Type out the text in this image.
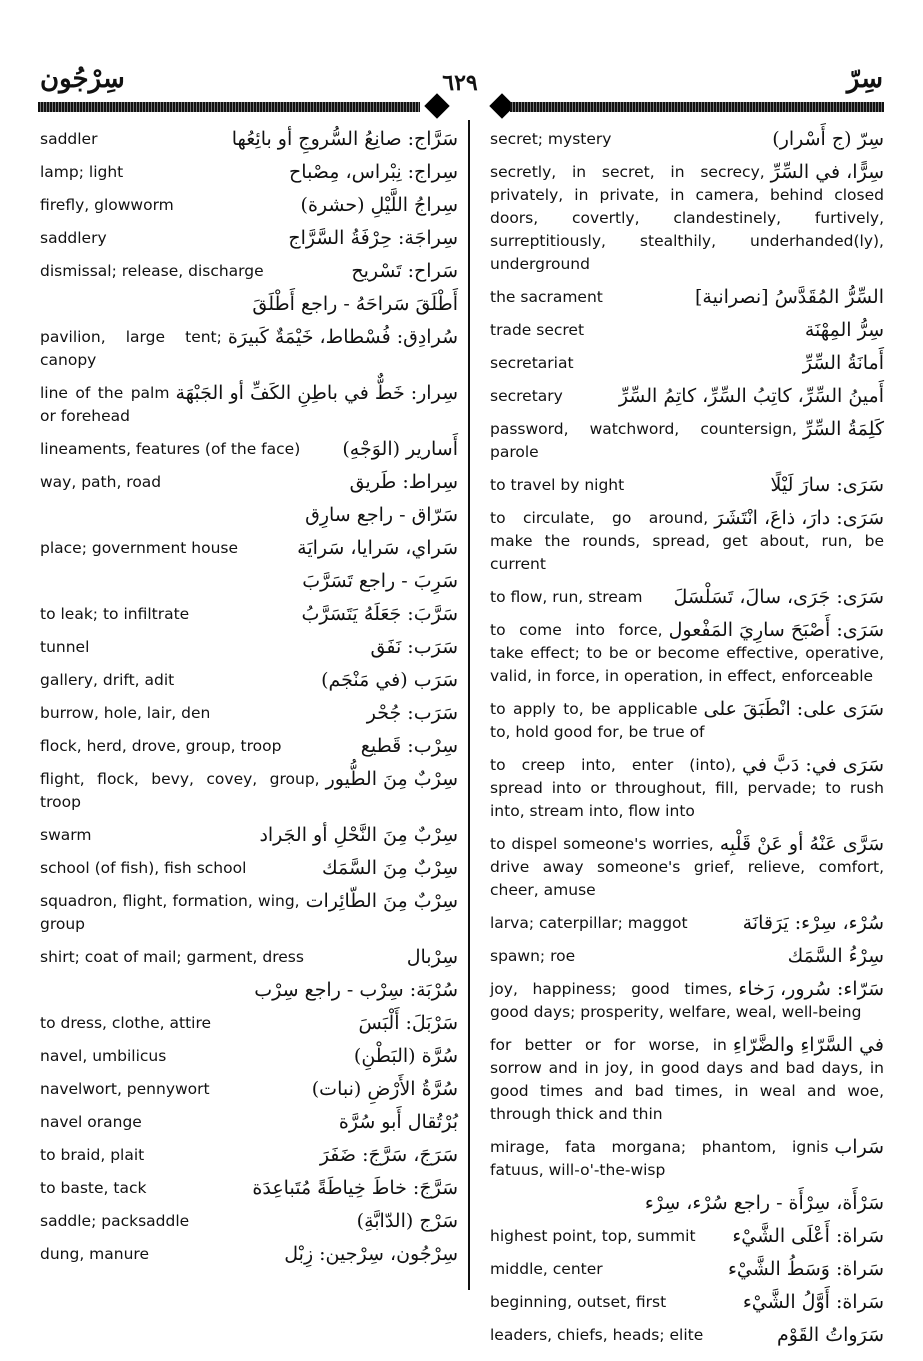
سِرْجُون	٦٢٩	سِرّ
سَرَّاج: صانِعُ السُّروجِ أو بائِعُها
saddler
سِراج: نِبْراس، مِصْباح
lamp; light
سِراجُ اللَّيْلِ (حشرة)
firefly, glowworm
سِراجَة: حِرْفَةُ السَّرَّاج
saddlery
سَراح: تَسْريح
dismissal; release, discharge
أَطْلَقَ سَراحَهُ - راجع أَطْلَقَ
سُرادِق: فُسْطاط، خَيْمَةٌ كَبيرَة
pavilion, large tent; canopy
سِرار: خَطٌّ في باطِنِ الكَفِّ أو الجَبْهَة
line of the palm or forehead
أَسارير (الوَجْهِ)
lineaments, features (of the face)
سِراط: طَريق
way, path, road
سَرّاق - راجع سارِق
سَراي، سَرايا، سَرايَة
place; government house
سَرِبَ - راجع تَسَرَّبَ
سَرَّبَ: جَعَلَهُ يَتَسَرَّبُ
to leak; to infiltrate
سَرَب: نَفَق
tunnel
سَرَب (في مَنْجَم)
gallery, drift, adit
سَرَب: جُحْر
burrow, hole, lair, den
سِرْب: قَطيع
flock, herd, drove, group, troop
سِرْبٌ مِنَ الطُّيور
flight, flock, bevy, covey, group, troop
سِرْبٌ مِنَ النَّحْلِ أو الجَراد
swarm
سِرْبٌ مِنَ السَّمَك
school (of fish), fish school
سِرْبٌ مِنَ الطّائِرات
squadron, flight, formation, wing, group
سِرْبال
shirt; coat of mail; garment, dress
سُرْبَة: سِرْب - راجع سِرْب
سَرْبَلَ: أَلْبَسَ
to dress, clothe, attire
سُرَّة (البَطْنِ)
navel, umbilicus
سُرَّةُ الأَرْضِ (نبات)
navelwort, pennywort
بُرْتُقال أَبو سُرَّة
navel orange
سَرَجَ، سَرَّجَ: ضَفَرَ
to braid, plait
سَرَّجَ: خاطَ خِياطَةً مُتَباعِدَة
to baste, tack
سَرْج (الدّابَّةِ)
saddle; packsaddle
سِرْجُون، سِرْجين: زِبْل
dung, manure
سِرّ (ج أَسْرار)
secret; mystery
سِرًّا، في السِّرِّ
secretly, in secret, in secrecy, privately, in private, in camera, behind closed doors, covertly, clandestinely, furtively, surreptitiously, stealthily, underhanded(ly), underground
السِّرُّ المُقَدَّسُ [نصرانية]
the sacrament
سِرُّ المِهْنَة
trade secret
أَمانَةُ السِّرِّ
secretariat
أَمينُ السِّرِّ، كاتِبُ السِّرِّ، كاتِمُ السِّرِّ
secretary
كَلِمَةُ السِّرِّ
password, watchword, countersign, parole
سَرَى: سارَ لَيْلًا
to travel by night
سَرَى: دارَ، ذاعَ، انْتَشَرَ
to circulate, go around, make the rounds, spread, get about, run, be current
سَرَى: جَرَى، سالَ، تَسَلْسَلَ
to flow, run, stream
سَرَى: أَصْبَحَ سارِيَ المَفْعول
to come into force, take effect; to be or become effective, operative, valid, in force, in operation, in effect, enforceable
سَرَى على: انْطَبَقَ على
to apply to, be applicable to, hold good for, be true of
سَرَى في: دَبَّ في
to creep into, enter (into), spread into or throughout, fill, pervade; to rush into, stream into, flow into
سَرَّى عَنْهُ أو عَنْ قَلْبِه
to dispel someone's worries, drive away someone's grief, relieve, comfort, cheer, amuse
سُرْء، سِرْء: يَرَقانَة
larva; caterpillar; maggot
سِرْءُ السَّمَك
spawn; roe
سَرّاء: سُرور، رَخاء
joy, happiness; good times, good days; prosperity, welfare, weal, well-being
في السَّرّاءِ والضَّرّاءِ
for better or for worse, in sorrow and in joy, in good days and bad days, in good times and bad times, in weal and woe, through thick and thin
سَراب
mirage, fata morgana; phantom, ignis fatuus, will-o'-the-wisp
سَرْأَة، سِرْأَة - راجع سُرْء، سِرْء
سَراة: أَعْلَى الشَّيْء
highest point, top, summit
سَراة: وَسَطُ الشَّيْء
middle, center
سَراة: أَوَّلُ الشَّيْء
beginning, outset, first
سَرَواتُ القَوْم
leaders, chiefs, heads; elite
